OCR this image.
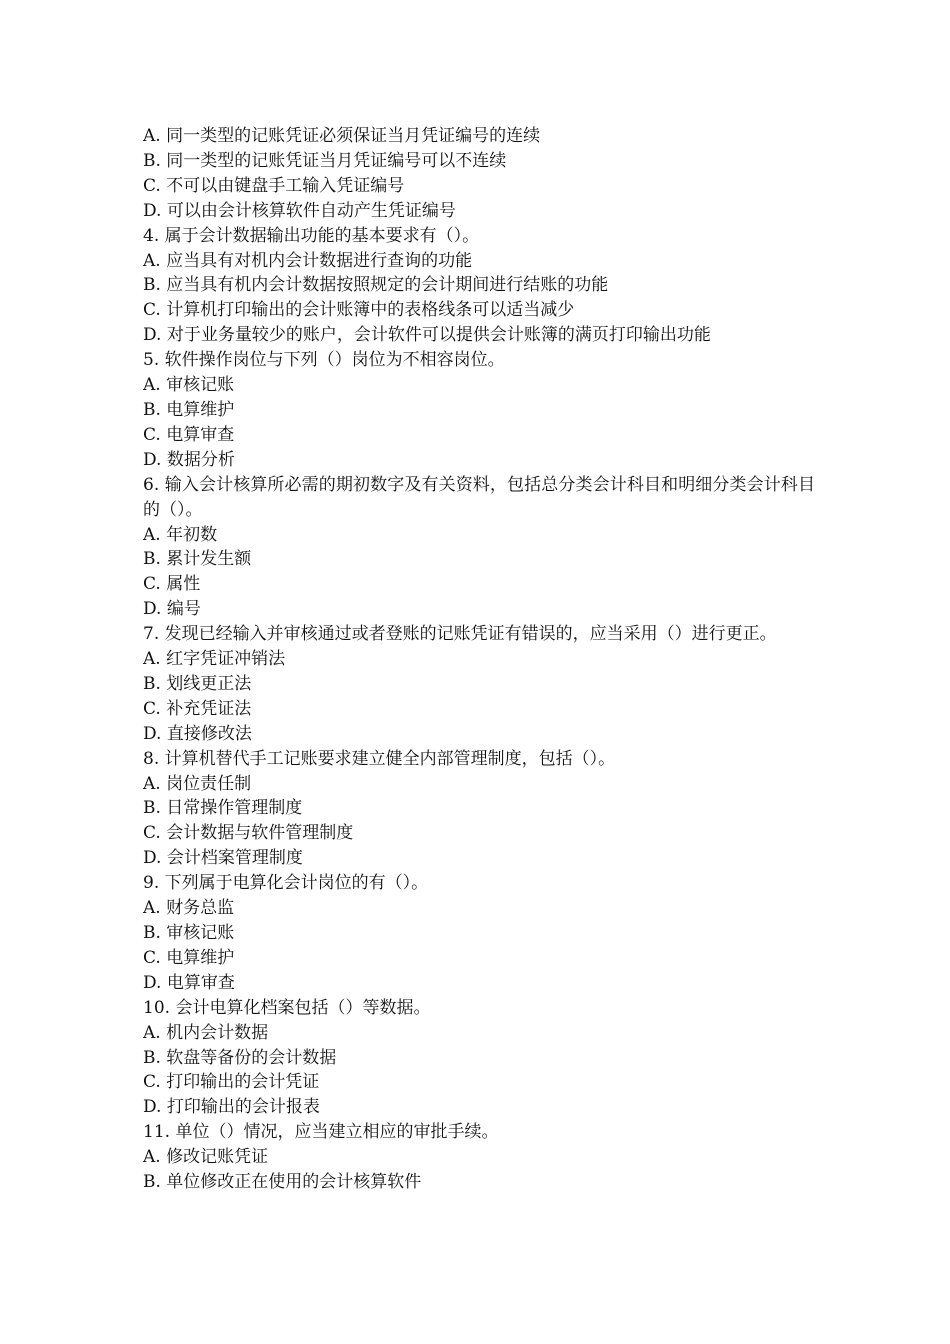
A. 同一类型的记账凭证必须保证当月凭证编号的连续

B. 同一类型的记账凭证当月凭证编号可以不连续

C. 不可以由键盘手工输入凭证编号

D. 可以由会计核算软件自动产生凭证编号

4. 属于会计数据输出功能的基本要求有（）。

A. 应当具有对机内会计数据进行查询的功能

B. 应当具有机内会计数据按照规定的会计期间进行结账的功能

C. 计算机打印输出的会计账簿中的表格线条可以适当减少

D. 对于业务量较少的账户，会计软件可以提供会计账簿的满页打印输出功能

5. 软件操作岗位与下列（）岗位为不相容岗位。

A. 审核记账

B. 电算维护

C. 电算审查

D. 数据分析

6. 输入会计核算所必需的期初数字及有关资料，包括总分类会计科目和明细分类会计科目的（）。

A. 年初数

B. 累计发生额

C. 属性

D. 编号

7. 发现已经输入并审核通过或者登账的记账凭证有错误的，应当采用（）进行更正。

A. 红字凭证冲销法

B. 划线更正法

C. 补充凭证法

D. 直接修改法

8. 计算机替代手工记账要求建立健全内部管理制度，包括（）。

A. 岗位责任制

B. 日常操作管理制度

C. 会计数据与软件管理制度

D. 会计档案管理制度

9. 下列属于电算化会计岗位的有（）。

A. 财务总监

B. 审核记账

C. 电算维护

D. 电算审查

10. 会计电算化档案包括（）等数据。

A. 机内会计数据

B. 软盘等备份的会计数据

C. 打印输出的会计凭证

D. 打印输出的会计报表

11. 单位（）情况，应当建立相应的审批手续。

A. 修改记账凭证

B. 单位修改正在使用的会计核算软件
